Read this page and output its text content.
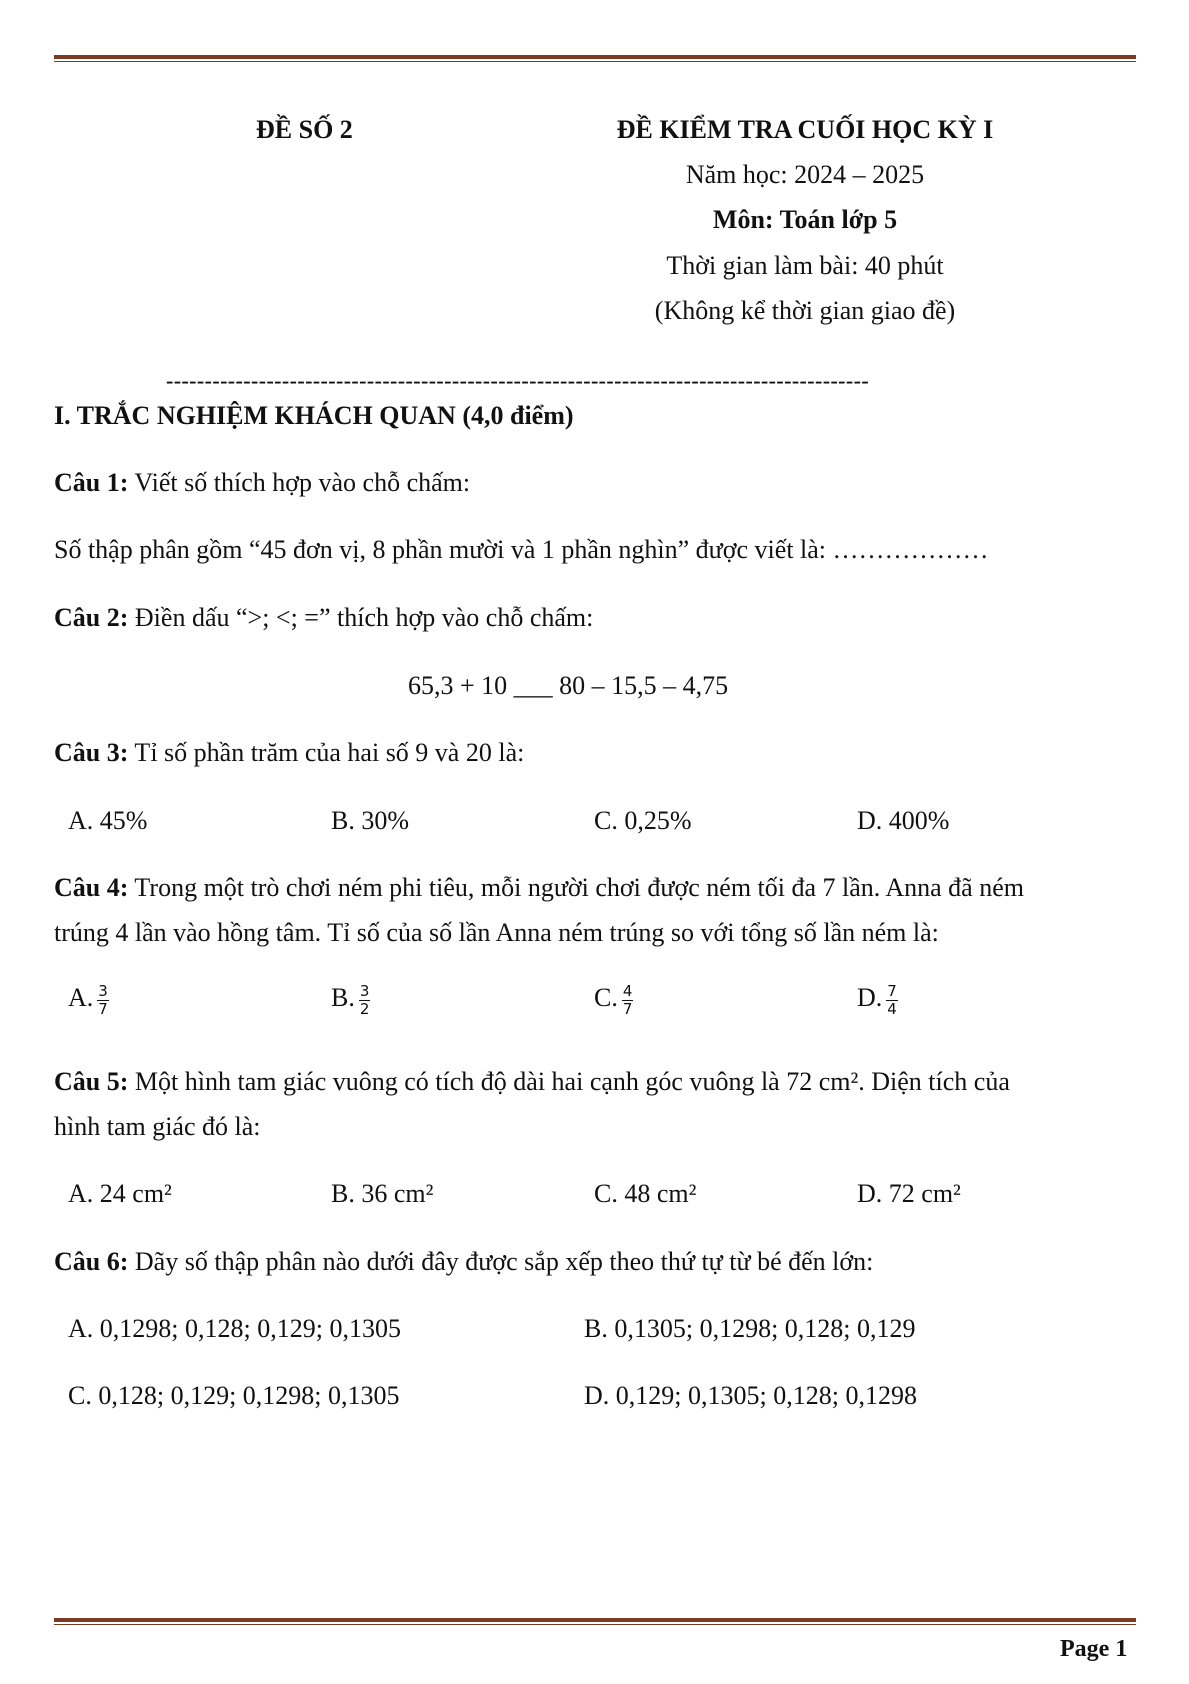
ĐỀ SỐ 2	ĐỀ KIỂM TRA CUỐI HỌC KỲ I
Năm học: 2024 – 2025
Môn: Toán lớp 5
Thời gian làm bài: 40 phút
(Không kể thời gian giao đề)
-------------------------------------------------------------------------------------------
I. TRẮC NGHIỆM KHÁCH QUAN (4,0 điểm)
Câu 1: Viết số thích hợp vào chỗ chấm:
Số thập phân gồm “45 đơn vị, 8 phần mười và 1 phần nghìn” được viết là: ………………
Câu 2: Điền dấu “>; <; =” thích hợp vào chỗ chấm:
65,3 + 10 ___ 80 – 15,5 – 4,75
Câu 3: Tỉ số phần trăm của hai số 9 và 20 là:
A. 45%	B. 30%	C. 0,25%	D. 400%
Câu 4: Trong một trò chơi ném phi tiêu, mỗi người chơi được ném tối đa 7 lần. Anna đã ném
trúng 4 lần vào hồng tâm. Tỉ số của số lần Anna ném trúng so với tổng số lần ném là:
A. $\frac{3}{7}$	B. $\frac{3}{2}$	C. $\frac{4}{7}$	D. $\frac{7}{4}$
Câu 5: Một hình tam giác vuông có tích độ dài hai cạnh góc vuông là 72 cm². Diện tích của
hình tam giác đó là:
A. 24 cm²	B. 36 cm²	C. 48 cm²	D. 72 cm²
Câu 6: Dãy số thập phân nào dưới đây được sắp xếp theo thứ tự từ bé đến lớn:
A. 0,1298; 0,128; 0,129; 0,1305	B. 0,1305; 0,1298; 0,128; 0,129
C. 0,128; 0,129; 0,1298; 0,1305	D. 0,129; 0,1305; 0,128; 0,1298
Page 1
